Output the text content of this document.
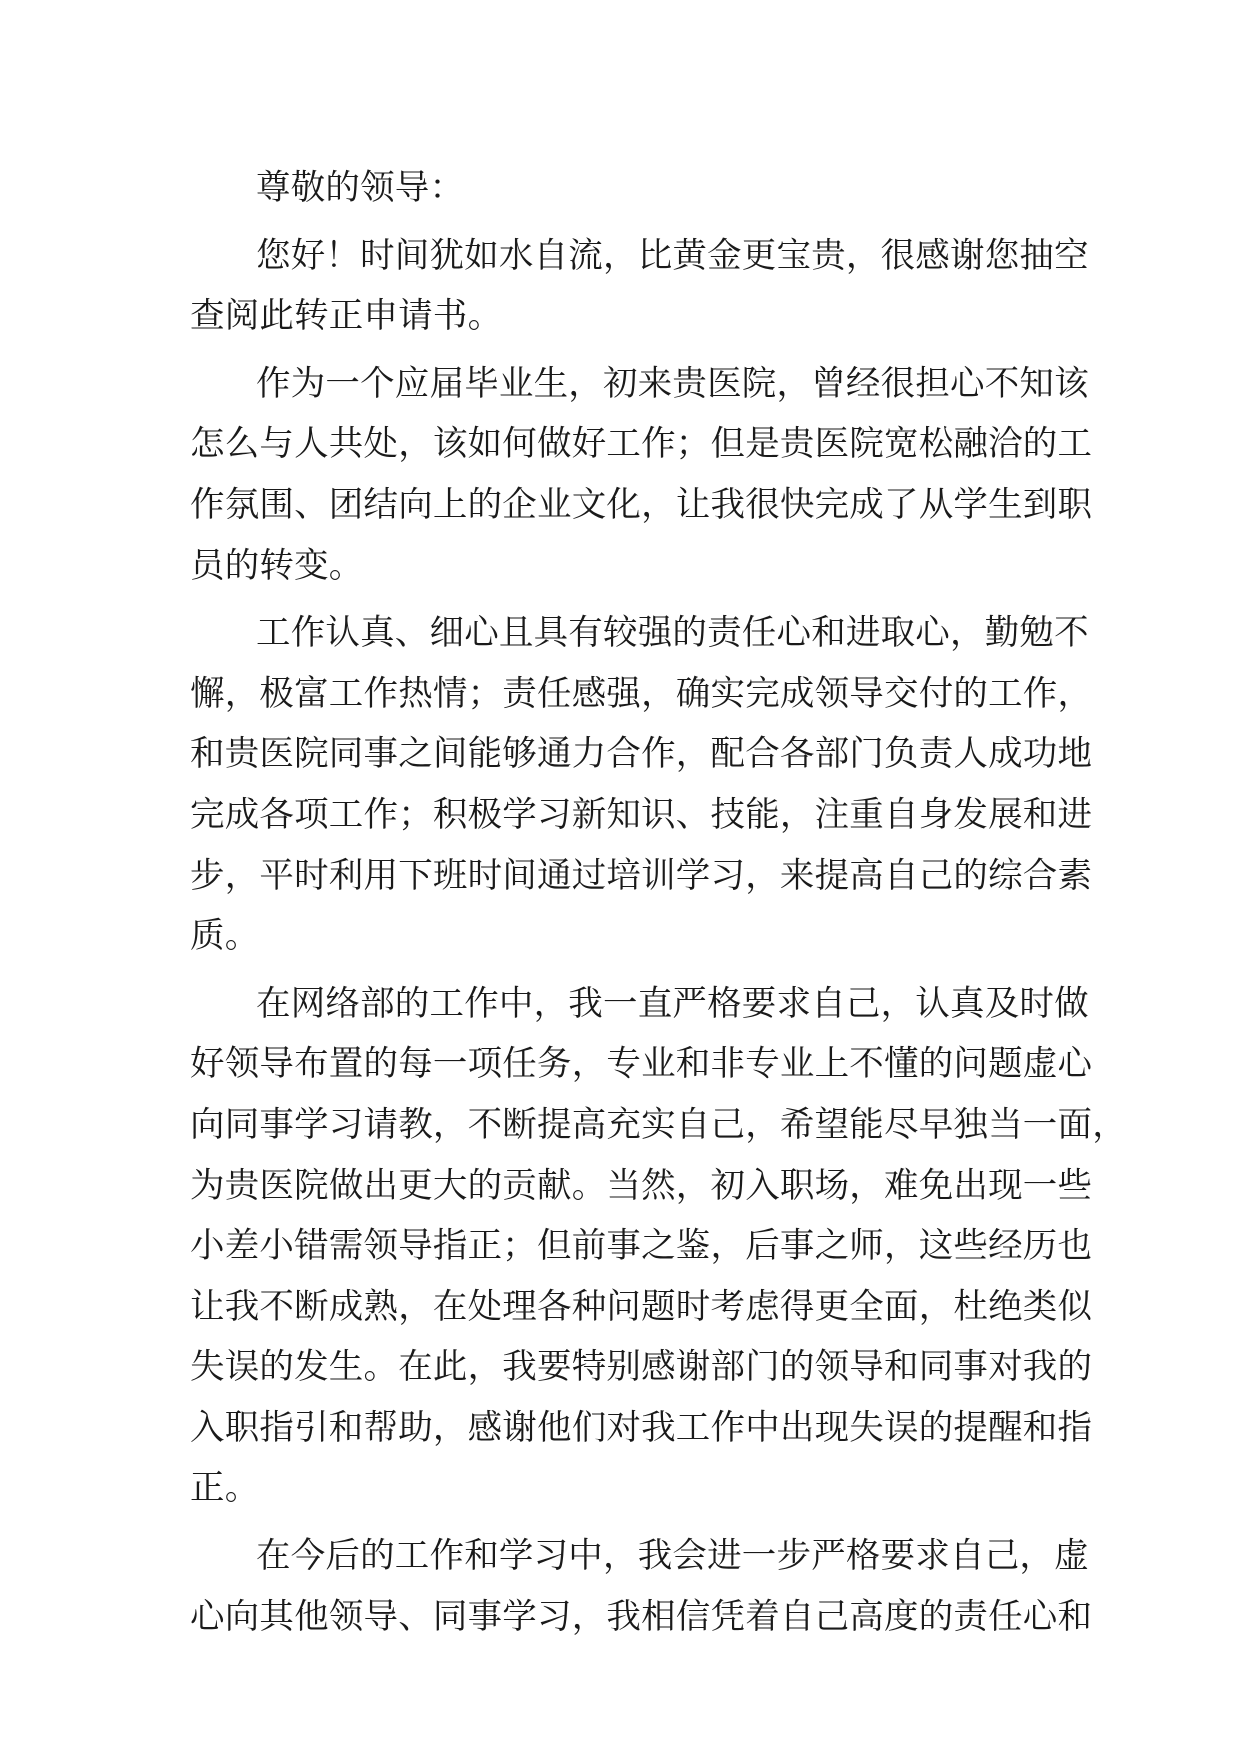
尊敬的领导：
您好！时间犹如水自流，比黄金更宝贵，很感谢您抽空
查阅此转正申请书。
作为一个应届毕业生，初来贵医院，曾经很担心不知该
怎么与人共处，该如何做好工作；但是贵医院宽松融洽的工
作氛围、团结向上的企业文化，让我很快完成了从学生到职
员的转变。
工作认真、细心且具有较强的责任心和进取心，勤勉不
懈，极富工作热情；责任感强，确实完成领导交付的工作，
和贵医院同事之间能够通力合作，配合各部门负责人成功地
完成各项工作；积极学习新知识、技能，注重自身发展和进
步，平时利用下班时间通过培训学习，来提高自己的综合素
质。
在网络部的工作中，我一直严格要求自己，认真及时做
好领导布置的每一项任务，专业和非专业上不懂的问题虚心
向同事学习请教，不断提高充实自己，希望能尽早独当一面，
为贵医院做出更大的贡献。当然，初入职场，难免出现一些
小差小错需领导指正；但前事之鉴，后事之师，这些经历也
让我不断成熟，在处理各种问题时考虑得更全面，杜绝类似
失误的发生。在此，我要特别感谢部门的领导和同事对我的
入职指引和帮助，感谢他们对我工作中出现失误的提醒和指
正。
在今后的工作和学习中，我会进一步严格要求自己，虚
心向其他领导、同事学习，我相信凭着自己高度的责任心和
